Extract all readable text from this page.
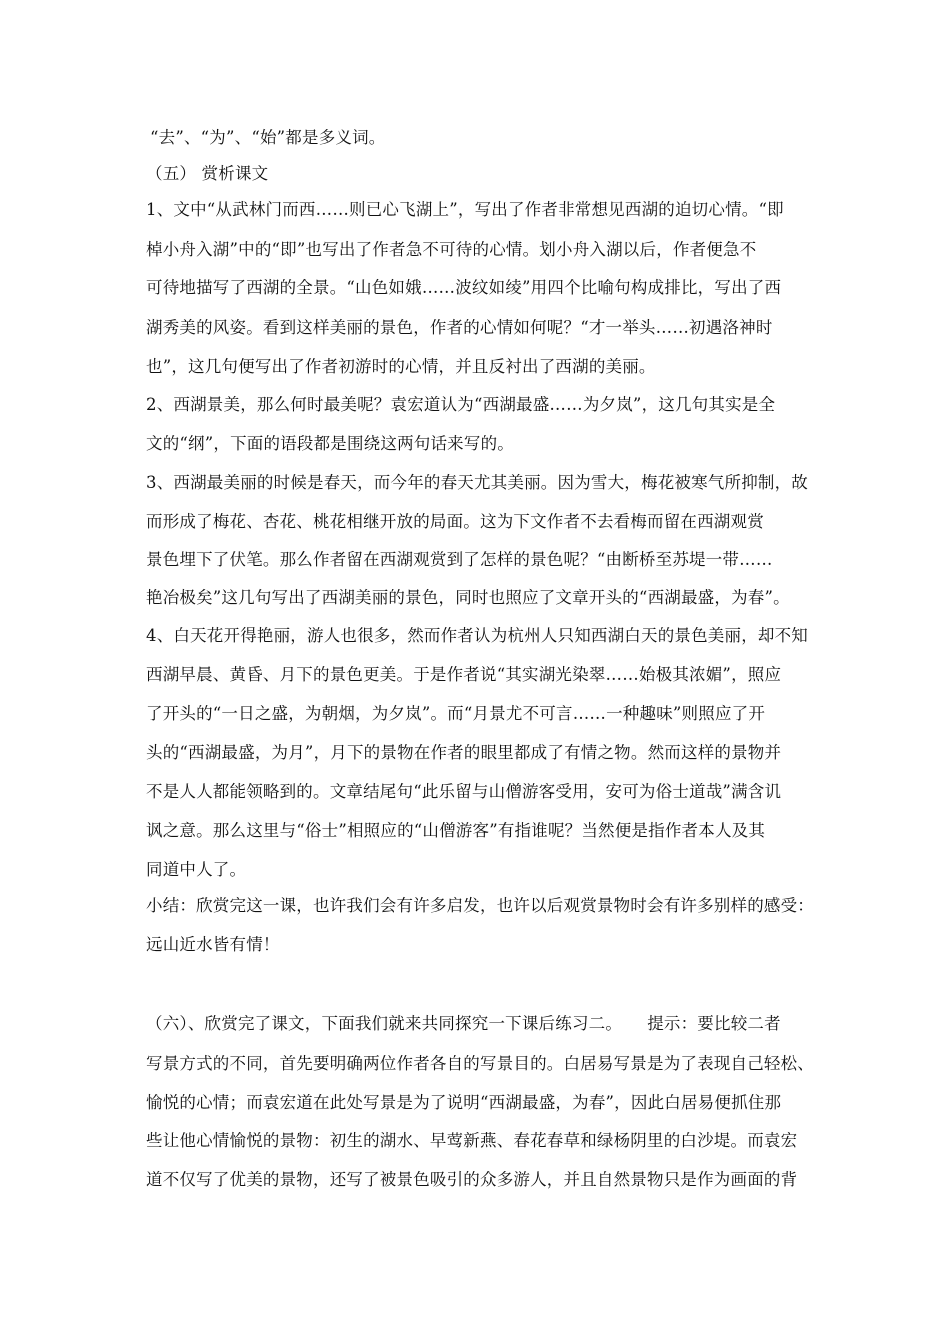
“去”、“为”、“始”都是多义词。
（五） 赏析课文
1、文中“从武林门而西……则已心飞湖上”，写出了作者非常想见西湖的迫切心情。“即
棹小舟入湖”中的“即”也写出了作者急不可待的心情。划小舟入湖以后，作者便急不
可待地描写了西湖的全景。“山色如娥……波纹如绫”用四个比喻句构成排比，写出了西
湖秀美的风姿。看到这样美丽的景色，作者的心情如何呢？“才一举头……初遇洛神时
也”，这几句便写出了作者初游时的心情，并且反衬出了西湖的美丽。
2、西湖景美，那么何时最美呢？袁宏道认为“西湖最盛……为夕岚”，这几句其实是全
文的“纲”，下面的语段都是围绕这两句话来写的。
3、西湖最美丽的时候是春天，而今年的春天尤其美丽。因为雪大，梅花被寒气所抑制，故
而形成了梅花、杏花、桃花相继开放的局面。这为下文作者不去看梅而留在西湖观赏
景色埋下了伏笔。那么作者留在西湖观赏到了怎样的景色呢？“由断桥至苏堤一带……
艳冶极矣”这几句写出了西湖美丽的景色，同时也照应了文章开头的“西湖最盛，为春”。
4、白天花开得艳丽，游人也很多，然而作者认为杭州人只知西湖白天的景色美丽，却不知
西湖早晨、黄昏、月下的景色更美。于是作者说“其实湖光染翠……始极其浓媚”，照应
了开头的“一日之盛，为朝烟，为夕岚”。而“月景尤不可言……一种趣味”则照应了开
头的“西湖最盛，为月”，月下的景物在作者的眼里都成了有情之物。然而这样的景物并
不是人人都能领略到的。文章结尾句“此乐留与山僧游客受用，安可为俗士道哉”满含讥
讽之意。那么这里与“俗士”相照应的“山僧游客”有指谁呢？当然便是指作者本人及其
同道中人了。
小结：欣赏完这一课，也许我们会有许多启发，也许以后观赏景物时会有许多别样的感受：
远山近水皆有情！
（六）、欣赏完了课文，下面我们就来共同探究一下课后练习二。　　提示：要比较二者
写景方式的不同，首先要明确两位作者各自的写景目的。白居易写景是为了表现自己轻松、
愉悦的心情；而袁宏道在此处写景是为了说明“西湖最盛，为春”，因此白居易便抓住那
些让他心情愉悦的景物：初生的湖水、早莺新燕、春花春草和绿杨阴里的白沙堤。而袁宏
道不仅写了优美的景物，还写了被景色吸引的众多游人，并且自然景物只是作为画面的背
